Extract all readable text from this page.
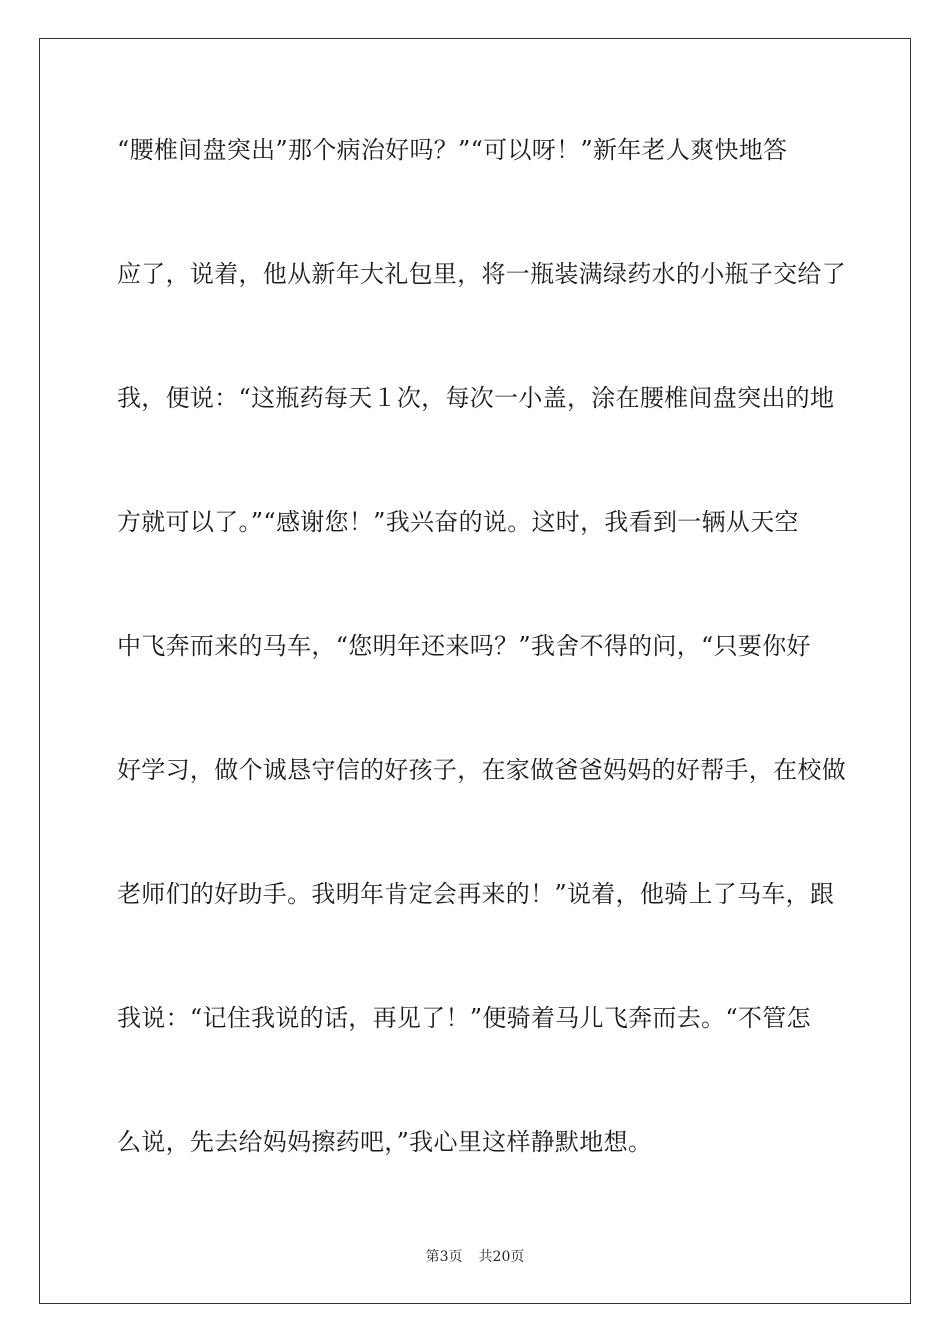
“腰椎间盘突出”那个病治好吗？”“可以呀！”新年老人爽快地答
应了，说着，他从新年大礼包里，将一瓶装满绿药水的小瓶子交给了
我，便说：“这瓶药每天１次，每次一小盖，涂在腰椎间盘突出的地
方就可以了。”“感谢您！”我兴奋的说。这时，我看到一辆从天空
中飞奔而来的马车，“您明年还来吗？”我舍不得的问，“只要你好
好学习，做个诚恳守信的好孩子，在家做爸爸妈妈的好帮手，在校做
老师们的好助手。我明年肯定会再来的！”说着，他骑上了马车，跟
我说：“记住我说的话，再见了！”便骑着马儿飞奔而去。“不管怎
么说，先去给妈妈擦药吧，”我心里这样静默地想。
第3页 共20页
